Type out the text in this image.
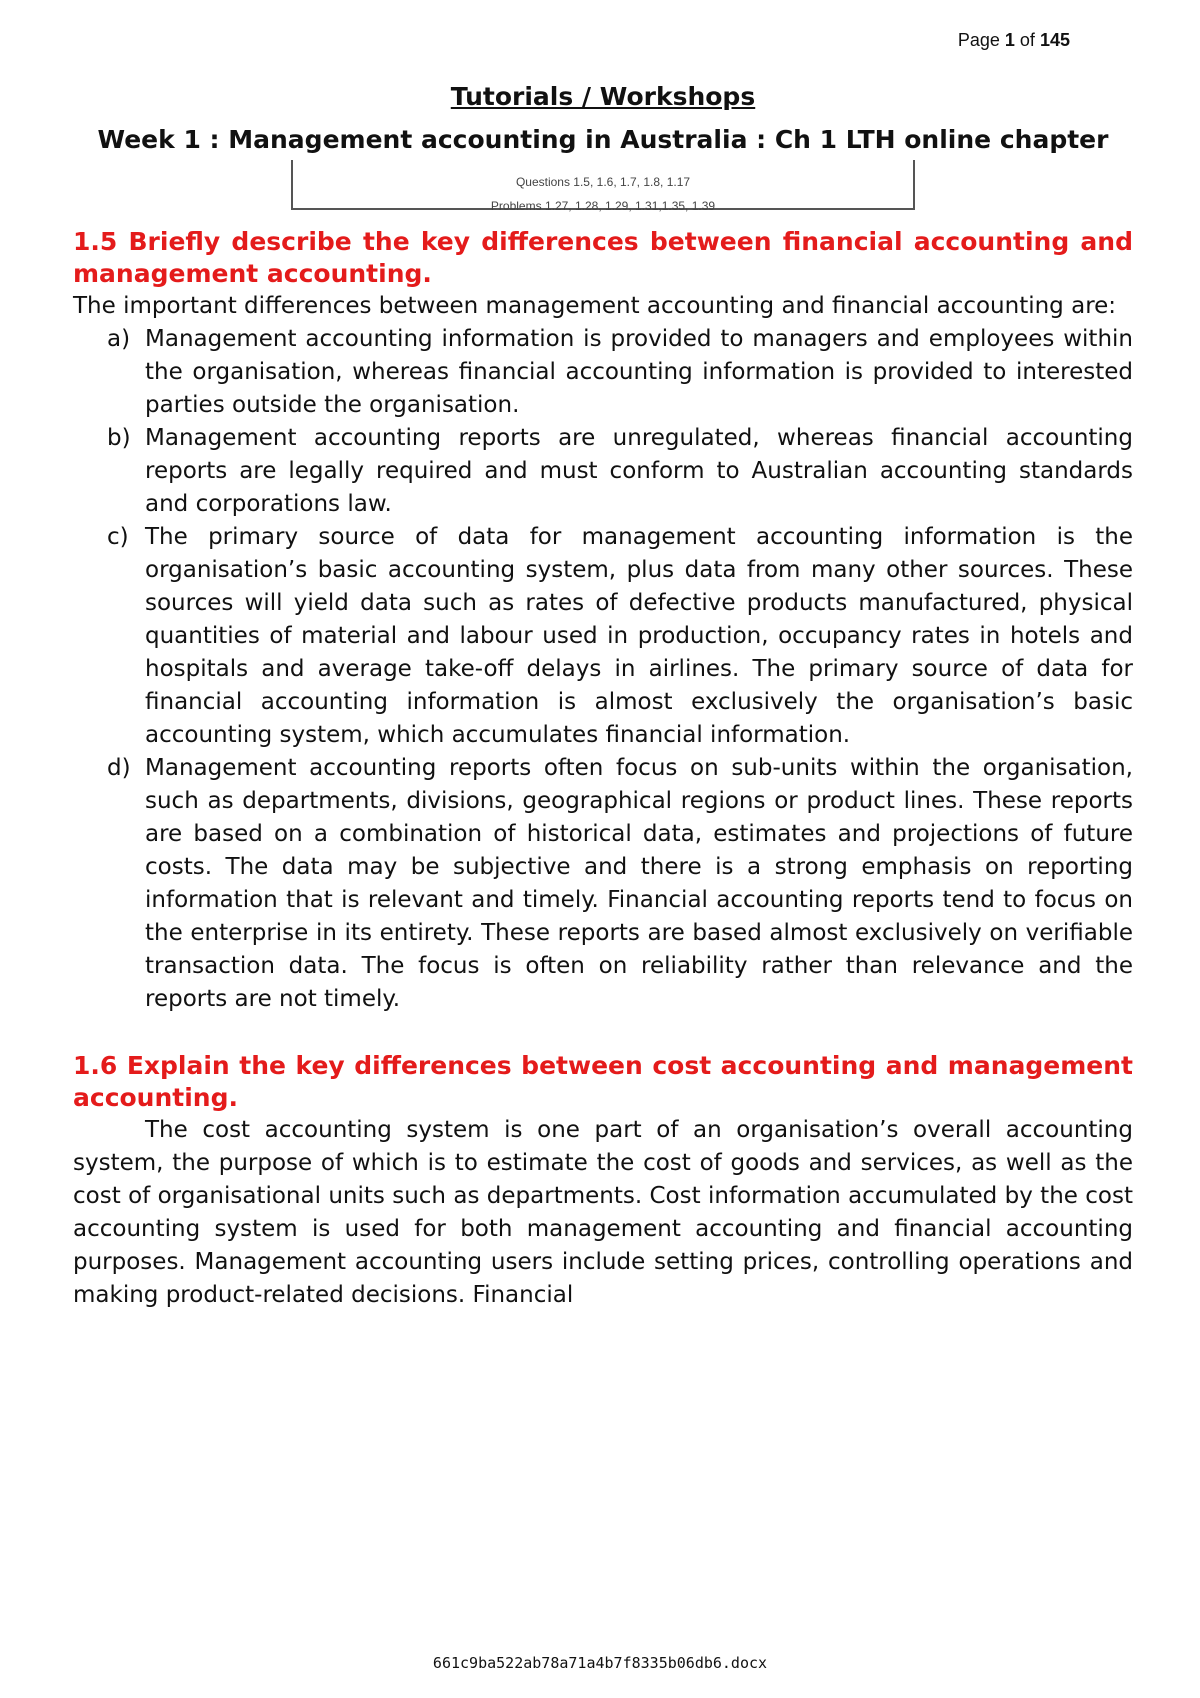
Page 1 of 145

Tutorials / Workshops

Week 1 : Management accounting in Australia : Ch 1 LTH online chapter

Questions 1.5, 1.6, 1.7, 1.8, 1.17
Problems 1.27, 1.28, 1.29, 1.31,1.35, 1.39

1.5 Briefly describe the key differences between financial accounting and management accounting.

The important differences between management accounting and financial accounting are:

a) Management accounting information is provided to managers and employees within the organisation, whereas financial accounting information is provided to interested parties outside the organisation.
b) Management accounting reports are unregulated, whereas financial accounting reports are legally required and must conform to Australian accounting standards and corporations law.
c) The primary source of data for management accounting information is the organisation’s basic accounting system, plus data from many other sources. These sources will yield data such as rates of defective products manufactured, physical quantities of material and labour used in production, occupancy rates in hotels and hospitals and average take-off delays in airlines. The primary source of data for financial accounting information is almost exclusively the organisation’s basic accounting system, which accumulates financial information.
d) Management accounting reports often focus on sub-units within the organisation, such as departments, divisions, geographical regions or product lines. These reports are based on a combination of historical data, estimates and projections of future costs. The data may be subjective and there is a strong emphasis on reporting information that is relevant and timely. Financial accounting reports tend to focus on the enterprise in its entirety. These reports are based almost exclusively on verifiable transaction data. The focus is often on reliability rather than relevance and the reports are not timely.

1.6 Explain the key differences between cost accounting and management accounting.

The cost accounting system is one part of an organisation’s overall accounting system, the purpose of which is to estimate the cost of goods and services, as well as the cost of organisational units such as departments. Cost information accumulated by the cost accounting system is used for both management accounting and financial accounting purposes. Management accounting users include setting prices, controlling operations and making product-related decisions. Financial

661c9ba522ab78a71a4b7f8335b06db6.docx
